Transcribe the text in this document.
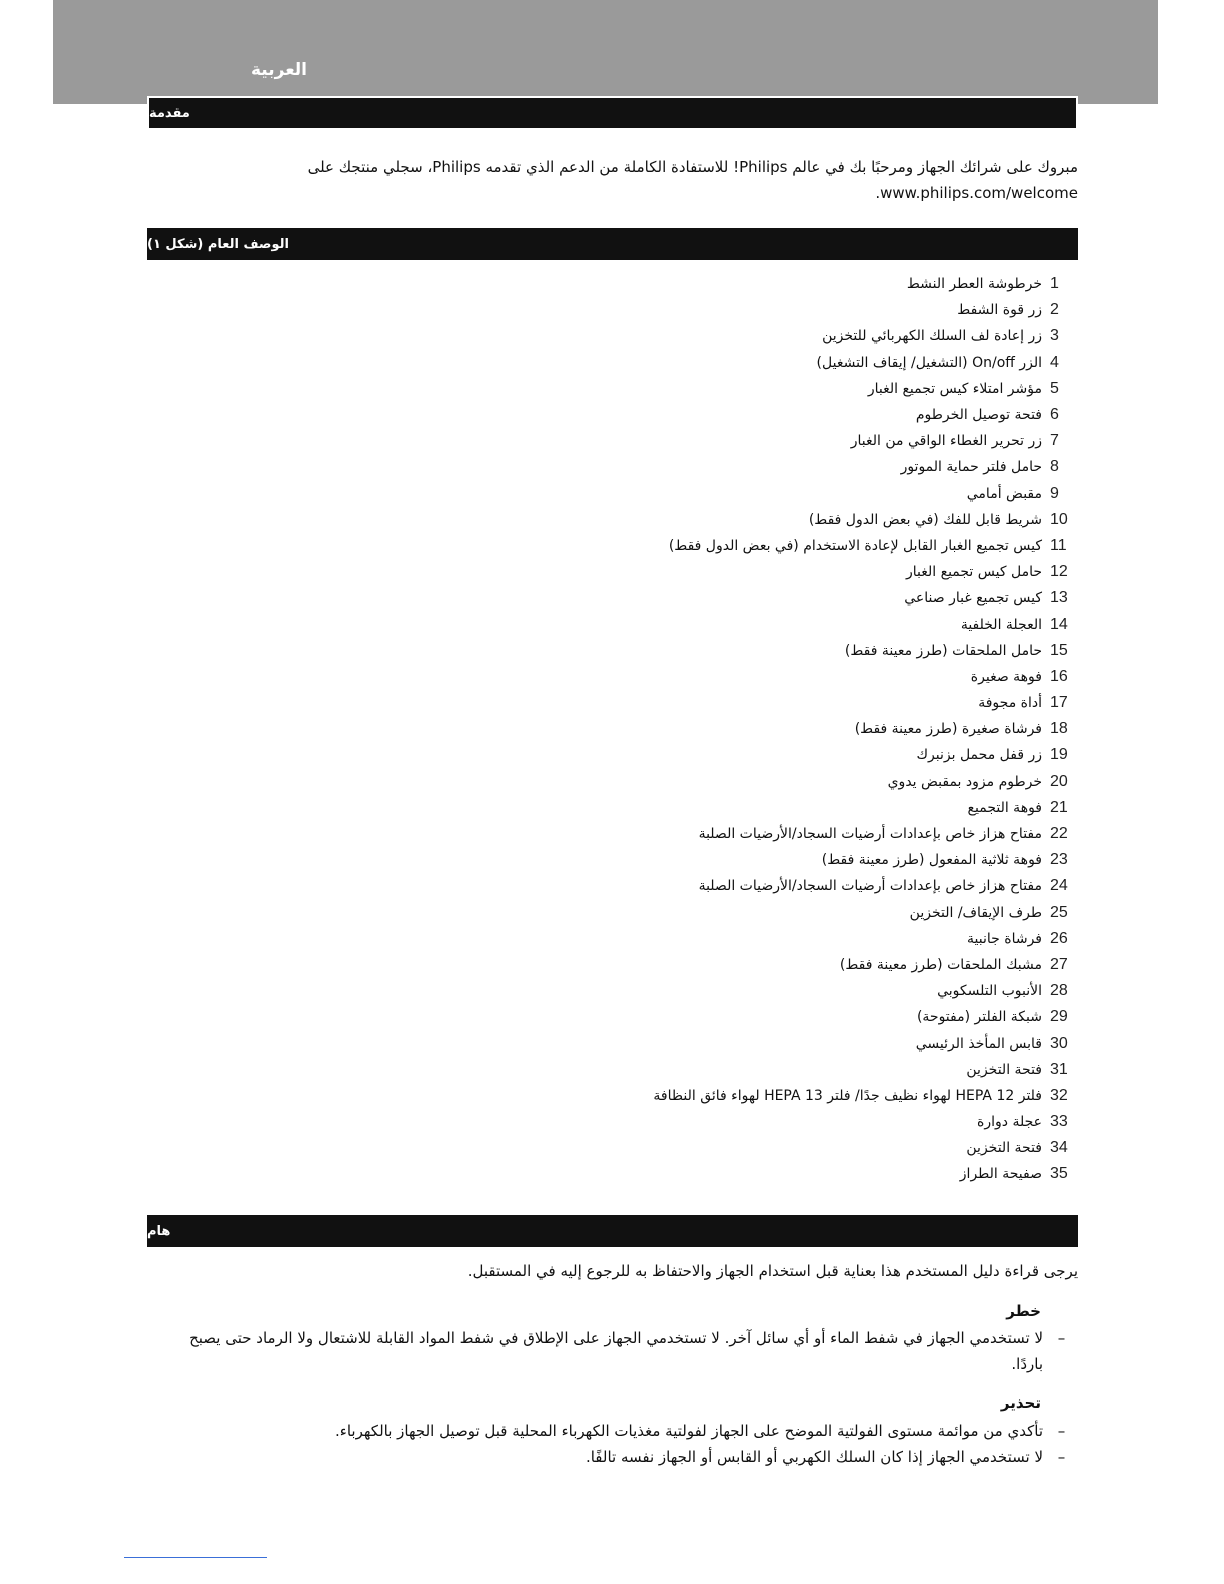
العربية
مقدمة
مبروك على شرائك الجهاز ومرحبًا بك في عالم Philips! للاستفادة الكاملة من الدعم الذي تقدمه Philips، سجلي منتجك على www.philips.com/welcome.
الوصف العام (شكل ١)
1
خرطوشة العطر النشط
2
زر قوة الشفط
3
زر إعادة لف السلك الكهربائي للتخزين
4
الزر On/off (التشغيل/ إيقاف التشغيل)
5
مؤشر امتلاء كيس تجميع الغبار
6
فتحة توصيل الخرطوم
7
زر تحرير الغطاء الواقي من الغبار
8
حامل فلتر حماية الموتور
9
مقبض أمامي
10
شريط قابل للفك (في بعض الدول فقط)
11
كيس تجميع الغبار القابل لإعادة الاستخدام (في بعض الدول فقط)
12
حامل كيس تجميع الغبار
13
كيس تجميع غبار صناعي
14
العجلة الخلفية
15
حامل الملحقات (طرز معينة فقط)
16
فوهة صغيرة
17
أداة مجوفة
18
فرشاة صغيرة (طرز معينة فقط)
19
زر قفل محمل بزنبرك
20
خرطوم مزود بمقبض يدوي
21
فوهة التجميع
22
مفتاح هزاز خاص بإعدادات أرضيات السجاد/الأرضيات الصلبة
23
فوهة ثلاثية المفعول (طرز معينة فقط)
24
مفتاح هزاز خاص بإعدادات أرضيات السجاد/الأرضيات الصلبة
25
طرف الإيقاف/ التخزين
26
فرشاة جانبية
27
مشبك الملحقات (طرز معينة فقط)
28
الأنبوب التلسكوبي
29
شبكة الفلتر (مفتوحة)
30
قابس المأخذ الرئيسي
31
فتحة التخزين
32
فلتر HEPA 12 لهواء نظيف جدًا/ فلتر HEPA 13 لهواء فائق النظافة
33
عجلة دوارة
34
فتحة التخزين
35
صفيحة الطراز
هام
يرجى قراءة دليل المستخدم هذا بعناية قبل استخدام الجهاز والاحتفاظ به للرجوع إليه في المستقبل.
خطر
–
لا تستخدمي الجهاز في شفط الماء أو أي سائل آخر. لا تستخدمي الجهاز على الإطلاق في شفط المواد القابلة للاشتعال ولا الرماد حتى يصبح باردًا.
تحذير
–
تأكدي من موائمة مستوى الفولتية الموضح على الجهاز لفولتية مغذيات الكهرباء المحلية قبل توصيل الجهاز بالكهرباء.
–
لا تستخدمي الجهاز إذا كان السلك الكهربي أو القابس أو الجهاز نفسه تالفًا.
